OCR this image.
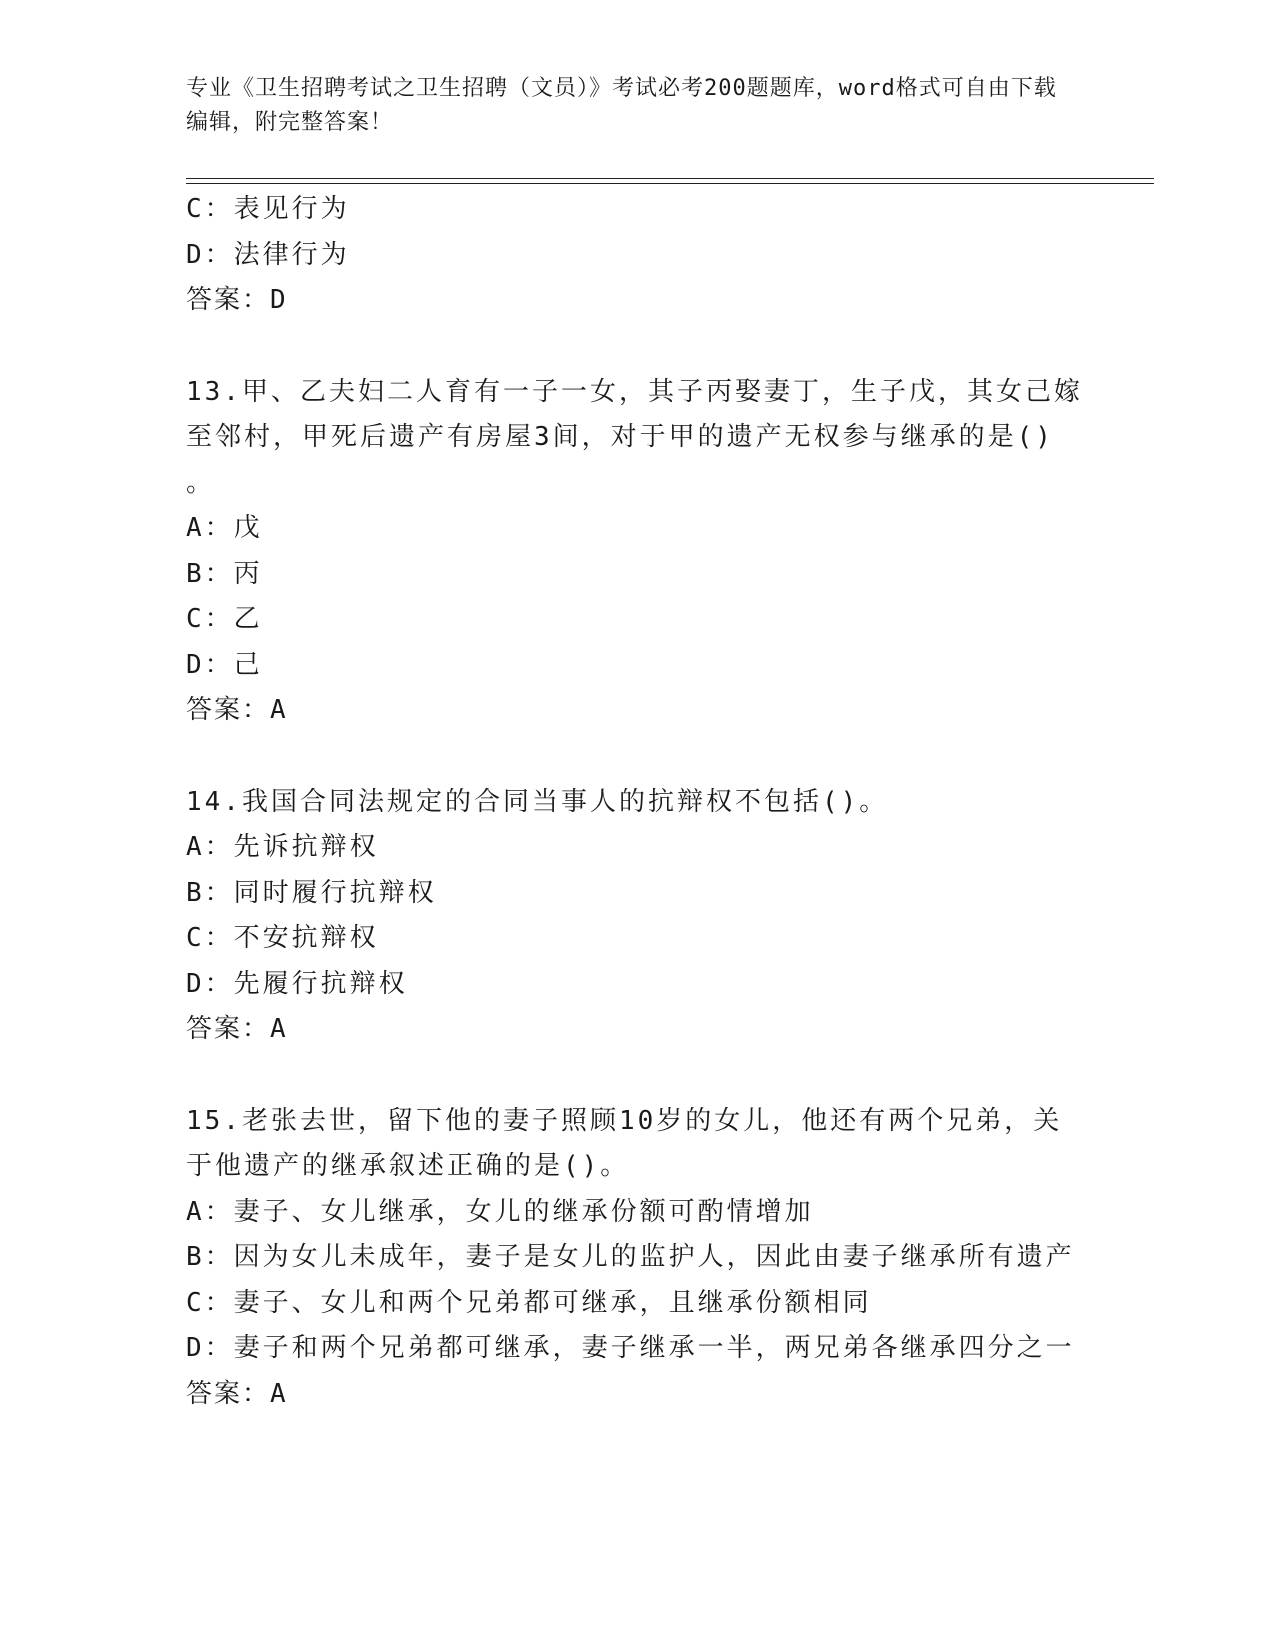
专业《卫生招聘考试之卫生招聘（文员）》考试必考200题题库，word格式可自由下载编辑，附完整答案！
C：表见行为
D：法律行为
答案：D
13.甲、乙夫妇二人育有一子一女，其子丙娶妻丁，生子戊，其女己嫁
至邻村，甲死后遗产有房屋3间，对于甲的遗产无权参与继承的是()
。
A：戊
B：丙
C：乙
D：己
答案：A
14.我国合同法规定的合同当事人的抗辩权不包括()。
A：先诉抗辩权
B：同时履行抗辩权
C：不安抗辩权
D：先履行抗辩权
答案：A
15.老张去世，留下他的妻子照顾10岁的女儿，他还有两个兄弟，关
于他遗产的继承叙述正确的是()。
A：妻子、女儿继承，女儿的继承份额可酌情增加
B：因为女儿未成年，妻子是女儿的监护人，因此由妻子继承所有遗产
C：妻子、女儿和两个兄弟都可继承，且继承份额相同
D：妻子和两个兄弟都可继承，妻子继承一半，两兄弟各继承四分之一
答案：A
